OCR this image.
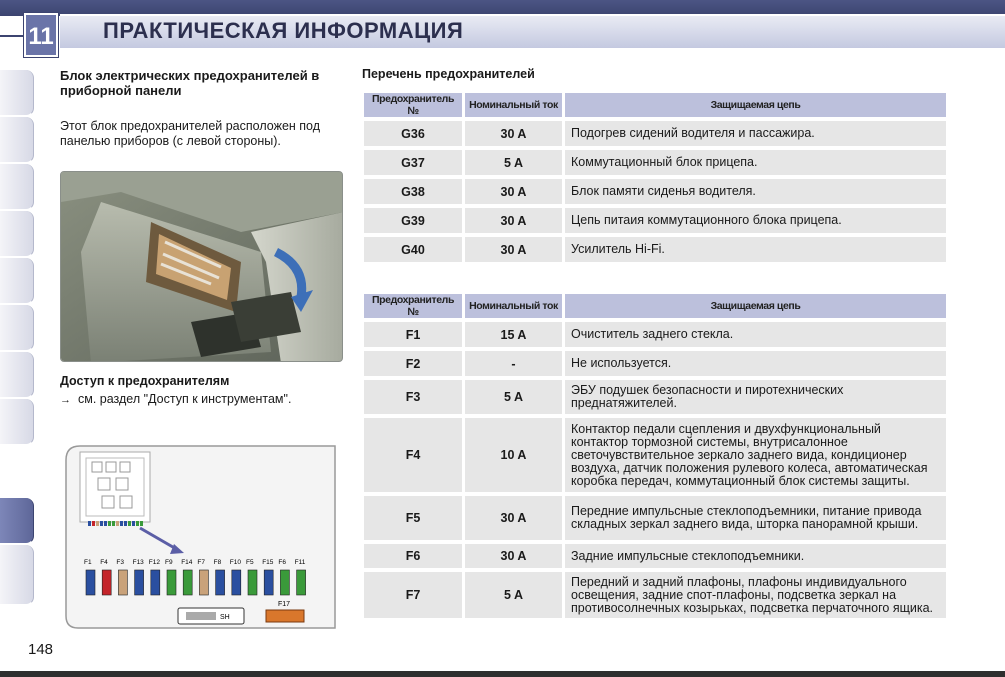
11 ПРАКТИЧЕСКАЯ ИНФОРМАЦИЯ
Блок электрических предохранителей в приборной панели
Этот блок предохранителей расположен под панелью приборов (с левой стороны).
Доступ к предохранителям
→ см. раздел "Доступ к инструментам".
F1 F4 F3 F13 F12 F9 F14 F7 F8 F10 F5 F15 F6 F11
SH
F17
148
Перечень предохранителей
Предохранитель №	Номинальный ток	Защищаемая цепь
G36	30 A	Подогрев сидений водителя и пассажира.
G37	5 A	Коммутационный блок прицепа.
G38	30 A	Блок памяти сиденья водителя.
G39	30 A	Цепь питаия коммутационного блока прицепа.
G40	30 A	Усилитель Hi-Fi.
Предохранитель №	Номинальный ток	Защищаемая цепь
F1	15 A	Очиститель заднего стекла.
F2	-	Не используется.
F3	5 A	ЭБУ подушек безопасности и пиротехнических преднатяжителей.
F4	10 A	Контактор педали сцепления и двухфункциональный контактор тормозной системы, внутрисалонное светочувствительное зеркало заднего вида, кондиционер воздуха, датчик положения рулевого колеса, автоматическая коробка передач, коммутационный блок системы защиты.
F5	30 A	Передние импульсные стеклоподъемники, питание привода складных зеркал заднего вида, шторка панорамной крыши.
F6	30 A	Задние импульсные стеклоподъемники.
F7	5 A	Передний и задний плафоны, плафоны индивидуального освещения, задние спот-плафоны, подсветка зеркал на противосолнечных козырьках, подсветка перчаточного ящика.
